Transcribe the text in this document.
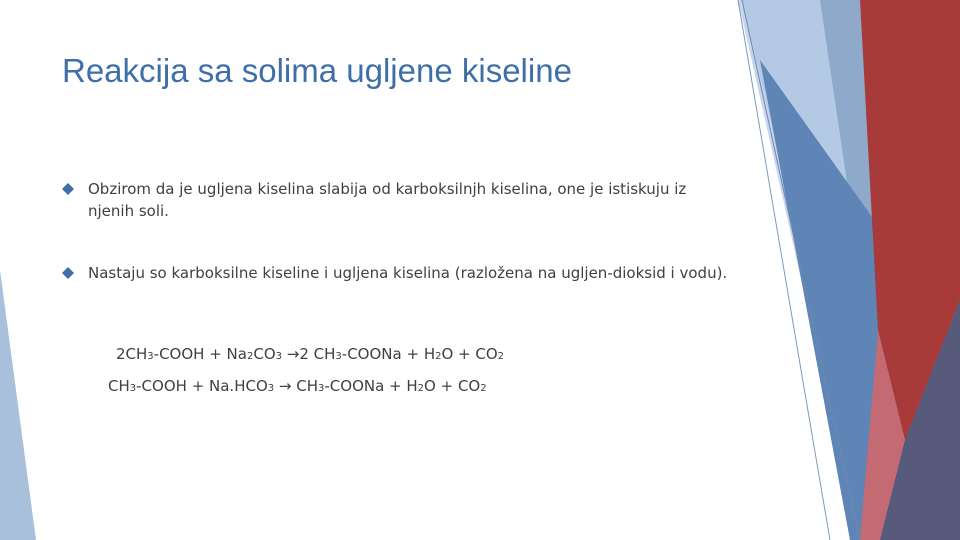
Reakcija sa solima ugljene kiseline
Obzirom da je ugljena kiselina slabija od karboksilnjh kiselina, one je istiskuju iz njenih soli.
Nastaju so karboksilne kiseline i ugljena kiselina (razložena na ugljen-dioksid i vodu).
2CH3-COOH + Na2CO3 →2 CH3-COONa + H2O + CO2
CH3-COOH + Na.HCO3 → CH3-COONa + H2O + CO2
